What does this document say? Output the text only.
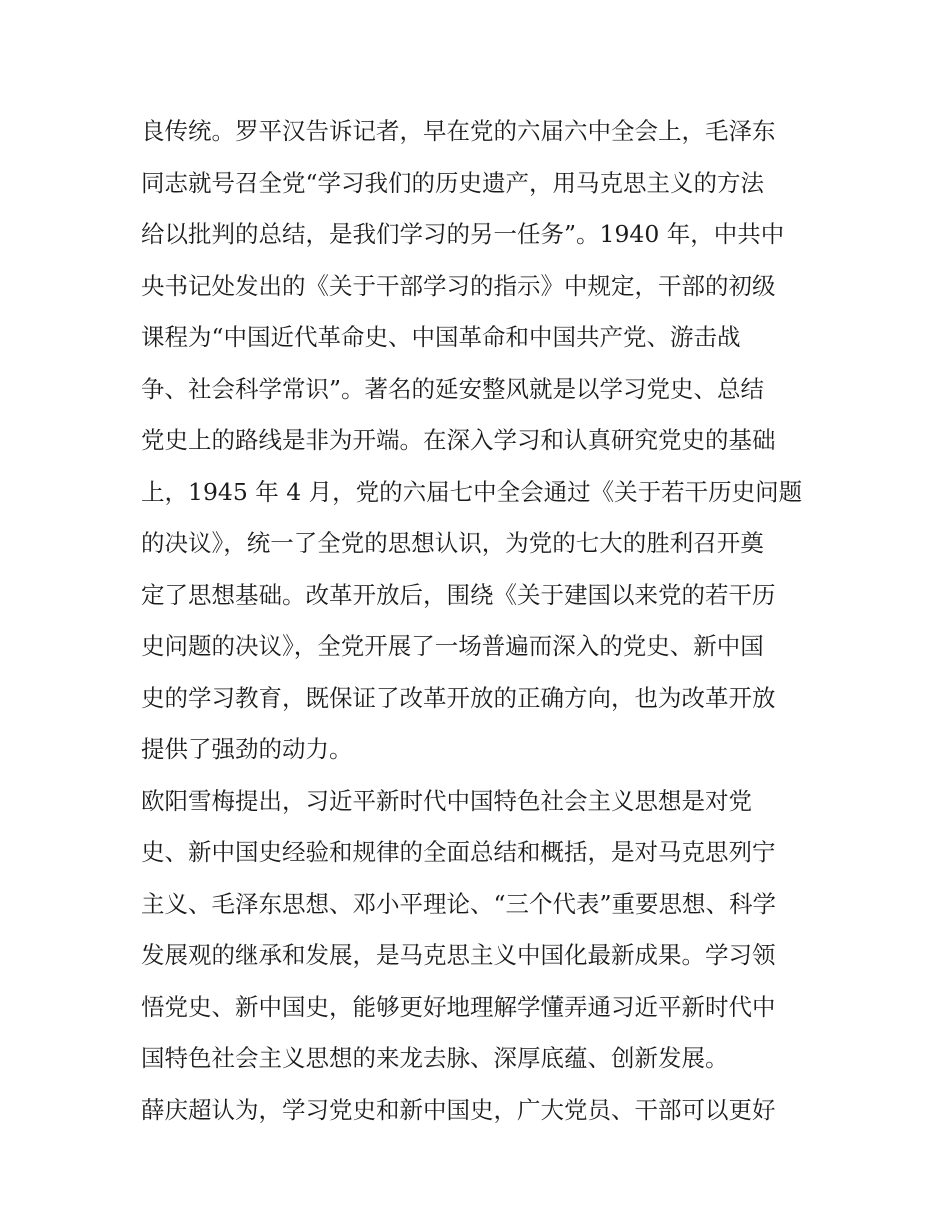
良传统。罗平汉告诉记者，早在党的六届六中全会上，毛泽东
同志就号召全党“学习我们的历史遗产，用马克思主义的方法
给以批判的总结，是我们学习的另一任务”。1940 年，中共中
央书记处发出的《关于干部学习的指示》中规定，干部的初级
课程为“中国近代革命史、中国革命和中国共产党、游击战
争、社会科学常识”。著名的延安整风就是以学习党史、总结
党史上的路线是非为开端。在深入学习和认真研究党史的基础
上，1945 年 4 月，党的六届七中全会通过《关于若干历史问题
的决议》，统一了全党的思想认识，为党的七大的胜利召开奠
定了思想基础。改革开放后，围绕《关于建国以来党的若干历
史问题的决议》，全党开展了一场普遍而深入的党史、新中国
史的学习教育，既保证了改革开放的正确方向，也为改革开放
提供了强劲的动力。
欧阳雪梅提出，习近平新时代中国特色社会主义思想是对党
史、新中国史经验和规律的全面总结和概括，是对马克思列宁
主义、毛泽东思想、邓小平理论、“三个代表”重要思想、科学
发展观的继承和发展，是马克思主义中国化最新成果。学习领
悟党史、新中国史，能够更好地理解学懂弄通习近平新时代中
国特色社会主义思想的来龙去脉、深厚底蕴、创新发展。
薛庆超认为，学习党史和新中国史，广大党员、干部可以更好
